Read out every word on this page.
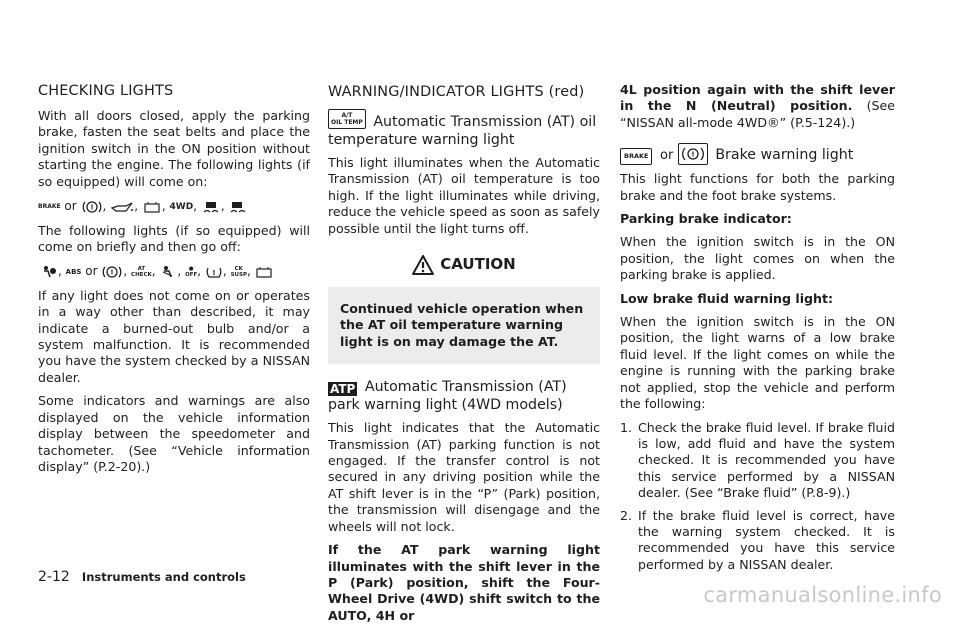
CHECKING LIGHTS

With all doors closed, apply the parking brake, fasten the seat belts and place the ignition switch in the ON position without starting the engine. The following lights (if so equipped) will come on:

BRAKE or ! , , , 4WD, ,

The following lights (if so equipped) will come on briefly and then go off:

, ABS or ! , AT
CHECK, , ●
OFF, ! , CK
SUSP,

If any light does not come on or operates in a way other than described, it may indicate a burned-out bulb and/or a system malfunction. It is recommended you have the system checked by a NISSAN dealer.

Some indicators and warnings are also displayed on the vehicle information display between the speedometer and tachometer. (See “Vehicle information display” (P.2-20).)

WARNING/INDICATOR LIGHTS (red)
A/T
OIL TEMP Automatic Transmission (AT) oil temperature warning light

This light illuminates when the Automatic Transmission (AT) oil temperature is too high. If the light illuminates while driving, reduce the vehicle speed as soon as safely possible until the light turns off.

CAUTION
Continued vehicle operation when the AT oil temperature warning light is on may damage the AT.
ATP Automatic Transmission (AT) park warning light (4WD models)

This light indicates that the Automatic Transmission (AT) parking function is not engaged. If the transfer control is not secured in any driving position while the AT shift lever is in the “P” (Park) position, the transmission will disengage and the wheels will not lock.

If the AT park warning light illuminates with the shift lever in the P (Park) position, shift the Four-Wheel Drive (4WD) shift switch to the AUTO, 4H or

4L position again with the shift lever in the N (Neutral) position. (See “NISSAN all-mode 4WD®” (P.5-124).)

BRAKE or	! Brake warning light

This light functions for both the parking brake and the foot brake systems.

Parking brake indicator:

When the ignition switch is in the ON position, the light comes on when the parking brake is applied.

Low brake fluid warning light:

When the ignition switch is in the ON position, the light warns of a low brake fluid level. If the light comes on while the engine is running with the parking brake not applied, stop the vehicle and perform the following:

1. Check the brake fluid level. If brake fluid is low, add fluid and have the system checked. It is recommended you have this service performed by a NISSAN dealer. (See “Brake fluid” (P.8-9).)
2. If the brake fluid level is correct, have the warning system checked. It is recommended you have this service performed by a NISSAN dealer.
2-12 Instruments and controls
carmanualsonline.info
